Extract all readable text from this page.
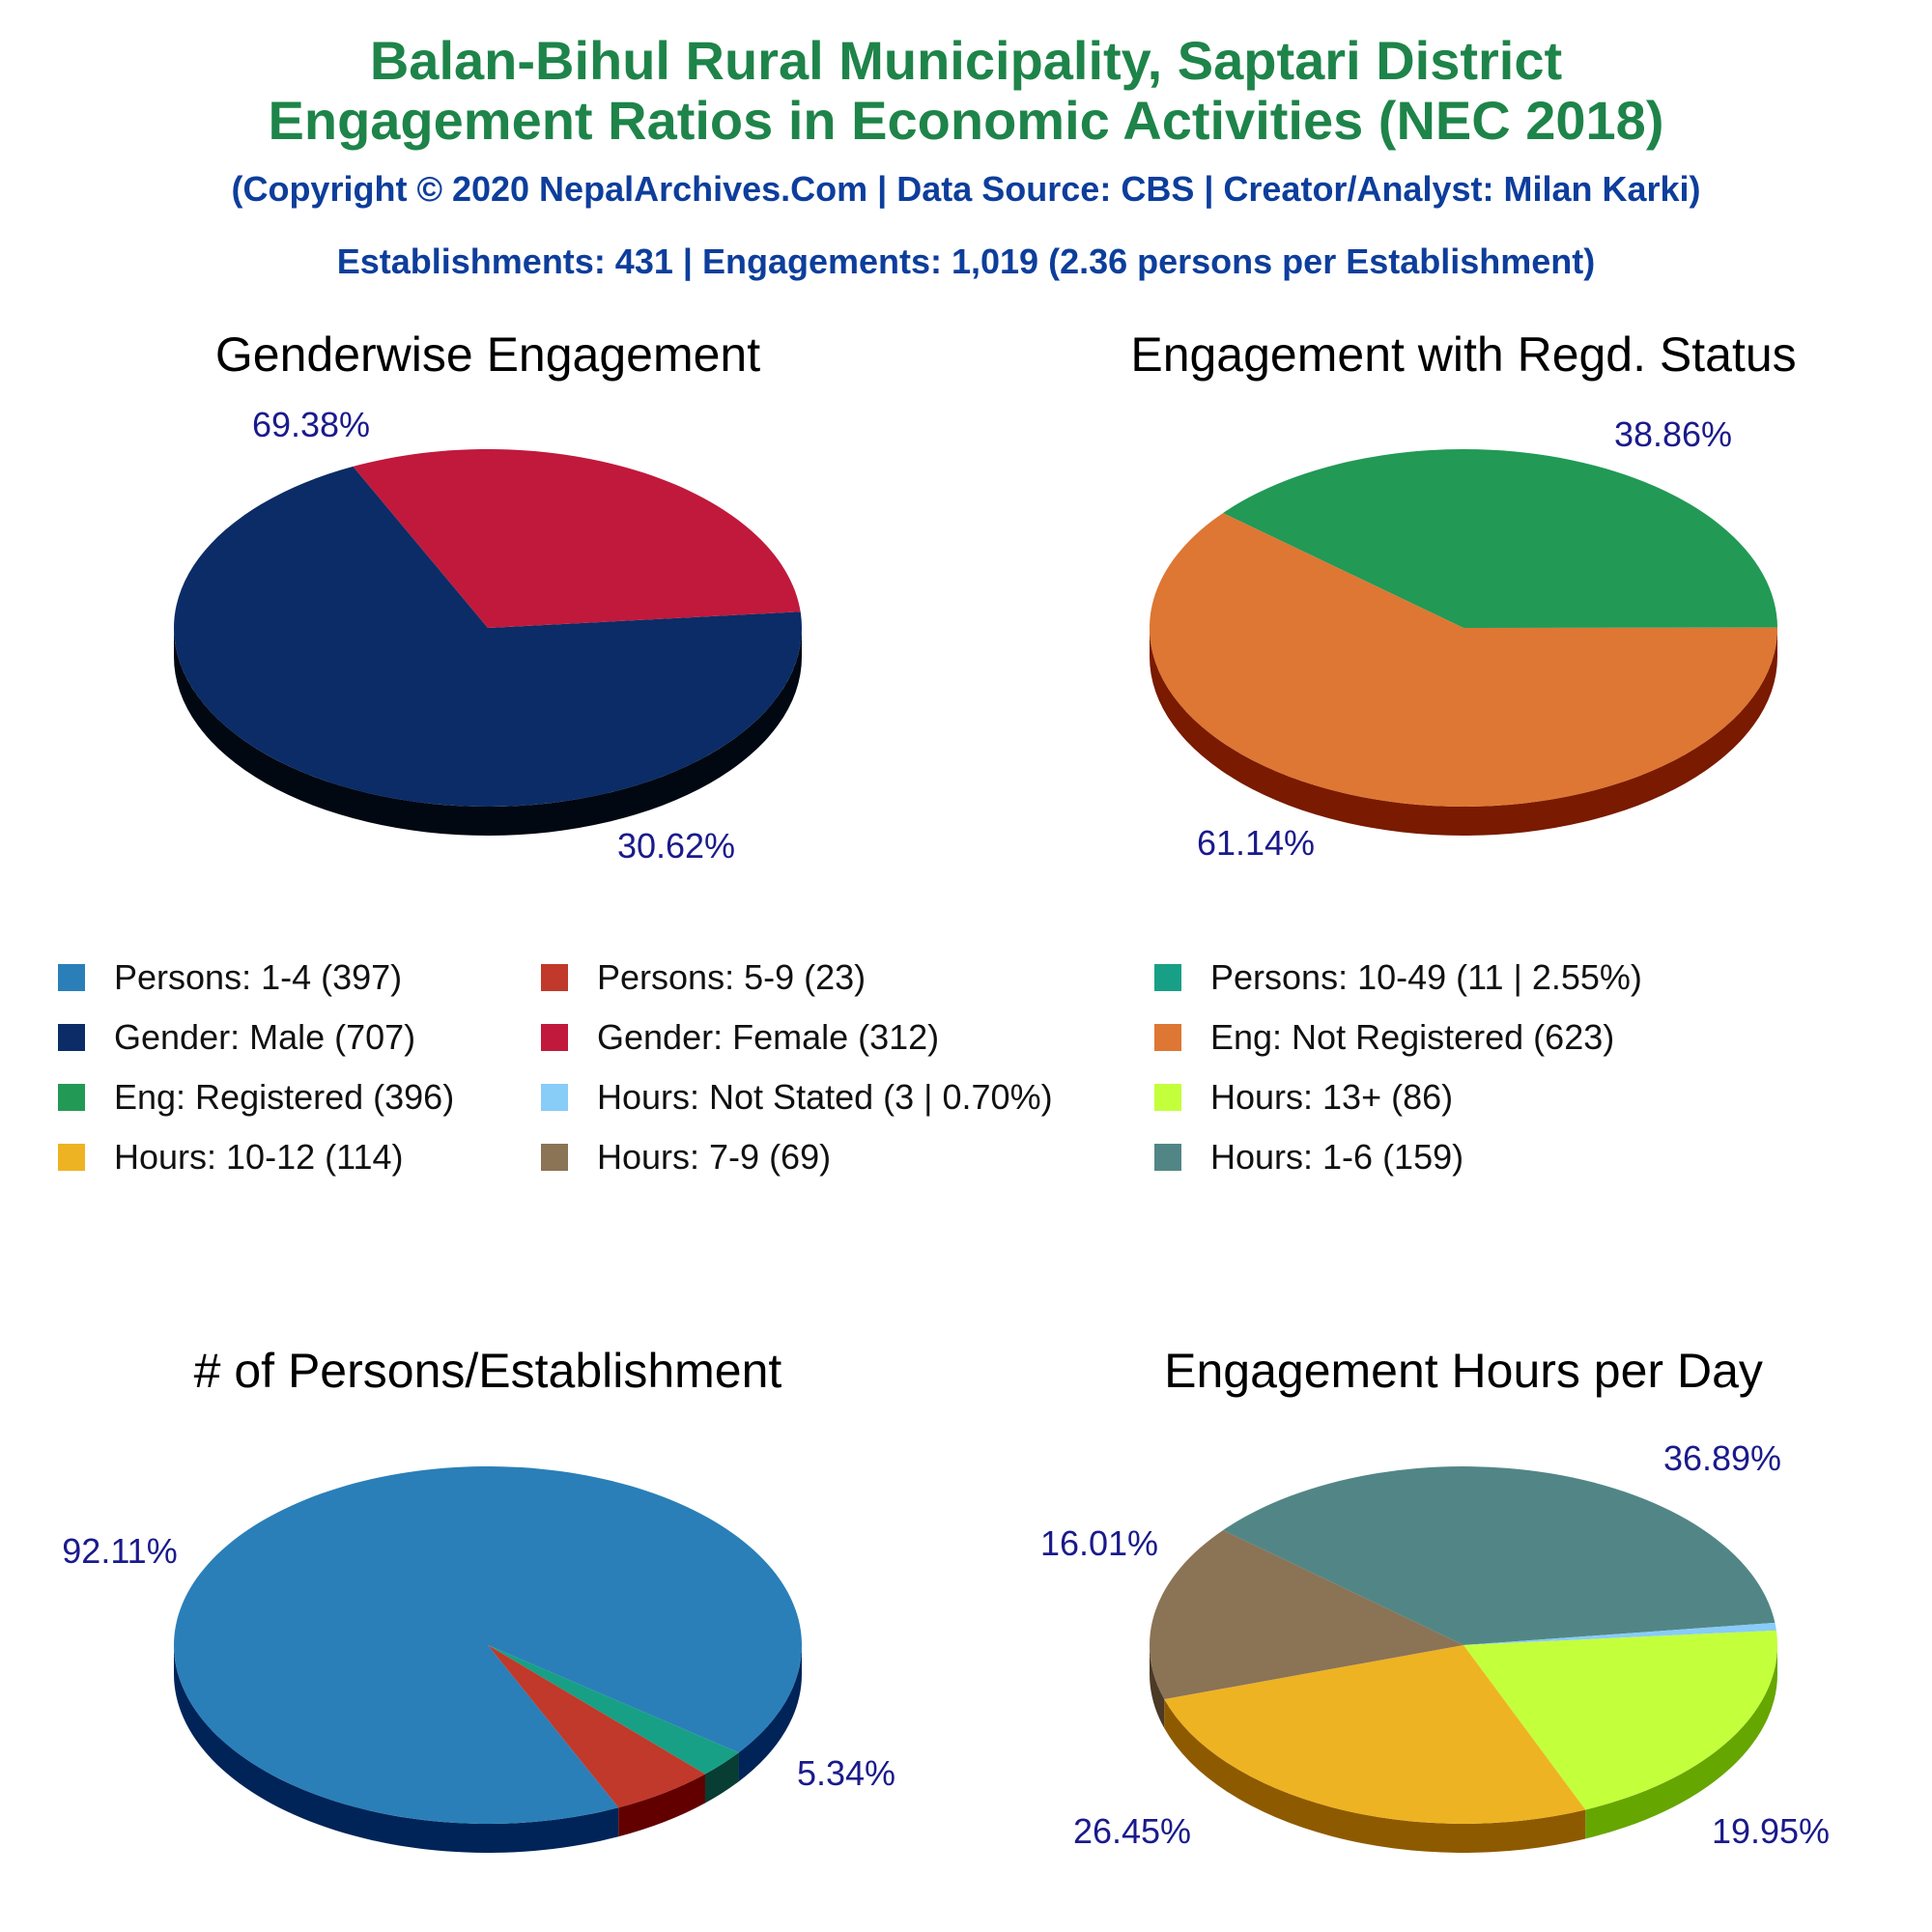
Balan-Bihul Rural Municipality, Saptari District
Engagement Ratios in Economic Activities (NEC 2018)
(Copyright © 2020 NepalArchives.Com | Data Source: CBS | Creator/Analyst: Milan Karki)
Establishments: 431 | Engagements: 1,019 (2.36 persons per Establishment)
Genderwise Engagement	Engagement with Regd. Status
# of Persons/Establishment	Engagement Hours per Day
69.38%
30.62%
38.86%
61.14%
92.11%
5.34%
36.89%
19.95%
26.45%
16.01%
Persons: 1-4 (397)	Persons: 5-9 (23)	Persons: 10-49 (11 | 2.55%)
Gender: Male (707)	Gender: Female (312)	Eng: Not Registered (623)
Eng: Registered (396)	Hours: Not Stated (3 | 0.70%)	Hours: 13+ (86)
Hours: 10-12 (114)	Hours: 7-9 (69)	Hours: 1-6 (159)
